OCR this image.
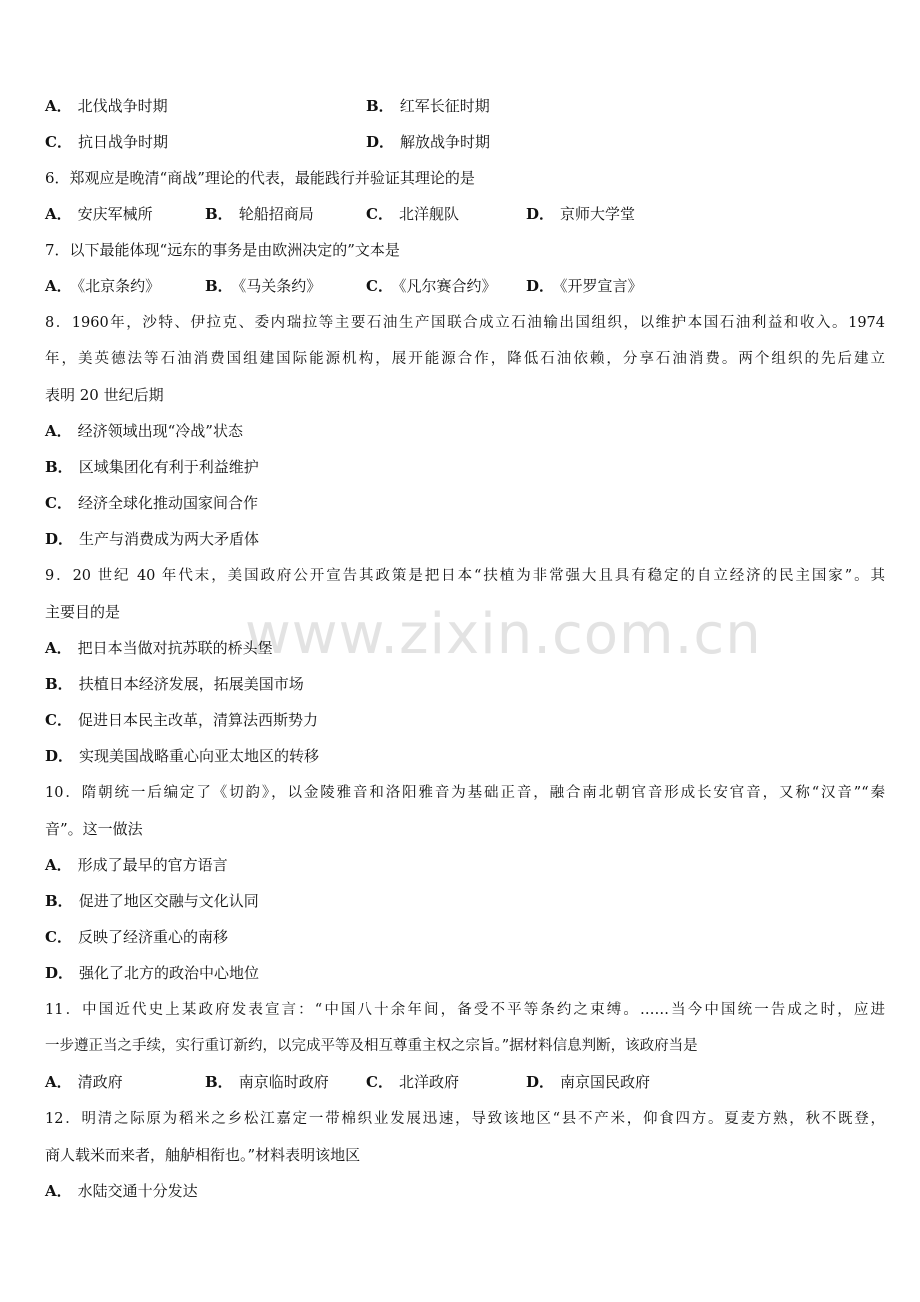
www.zixin.com.cn
A． 北伐战争时期	B． 红军长征时期
C． 抗日战争时期	D． 解放战争时期
6．郑观应是晚清“商战”理论的代表，最能践行并验证其理论的是
A． 安庆军械所	B． 轮船招商局	C． 北洋舰队	D． 京师大学堂
7．以下最能体现“远东的事务是由欧洲决定的”文本是
A． 《北京条约》	B． 《马关条约》	C． 《凡尔赛合约》 D． 《开罗宣言》
8．1960年，沙特、伊拉克、委内瑞拉等主要石油生产国联合成立石油输出国组织，以维护本国石油利益和收入。1974
年，美英德法等石油消费国组建国际能源机构，展开能源合作，降低石油依赖，分享石油消费。两个组织的先后建立
表明 20 世纪后期
A． 经济领域出现“冷战”状态
B． 区域集团化有利于利益维护
C． 经济全球化推动国家间合作
D． 生产与消费成为两大矛盾体
9．20 世纪 40 年代末，美国政府公开宣告其政策是把日本“扶植为非常强大且具有稳定的自立经济的民主国家”。其
主要目的是
A． 把日本当做对抗苏联的桥头堡
B． 扶植日本经济发展，拓展美国市场
C． 促进日本民主改革，清算法西斯势力
D． 实现美国战略重心向亚太地区的转移
10．隋朝统一后编定了《切韵》，以金陵雅音和洛阳雅音为基础正音，融合南北朝官音形成长安官音，又称“汉音”“秦
音”。这一做法
A． 形成了最早的官方语言
B． 促进了地区交融与文化认同
C． 反映了经济重心的南移
D． 强化了北方的政治中心地位
11．中国近代史上某政府发表宣言：“中国八十余年间，备受不平等条约之束缚。……当今中国统一告成之时，应进
一步遵正当之手续，实行重订新约，以完成平等及相互尊重主权之宗旨。”据材料信息判断，该政府当是
A． 清政府	B． 南京临时政府 C． 北洋政府	D． 南京国民政府
12．明清之际原为稻米之乡松江嘉定一带棉织业发展迅速，导致该地区“县不产米，仰食四方。夏麦方熟，秋不既登，
商人载米而来者，舳舻相衔也。”材料表明该地区
A． 水陆交通十分发达
